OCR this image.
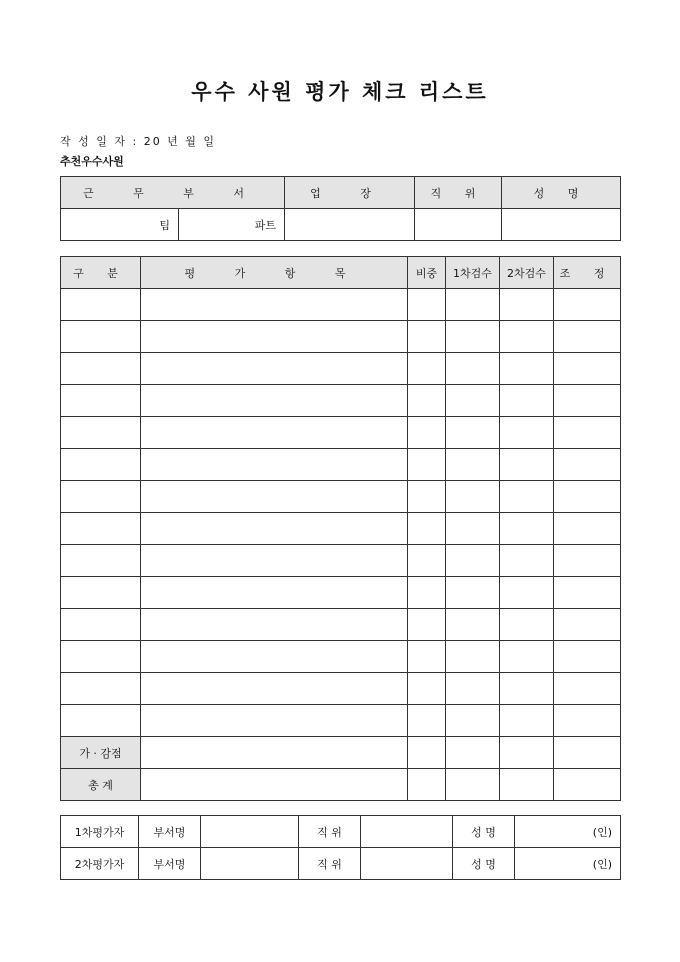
우수 사원 평가 체크 리스트
작 성 일 자 : 20 년 월 일
추천우수사원
근 무 부 서		업 장	직 위	성 명
팀	파트			
구 분	평 가 항 목	비중	1차검수	2차검수	조 정

가 · 감점					
총 계					
1차평가자	부서명		직 위		성 명	(인)
2차평가자	부서명		직 위		성 명	(인)
